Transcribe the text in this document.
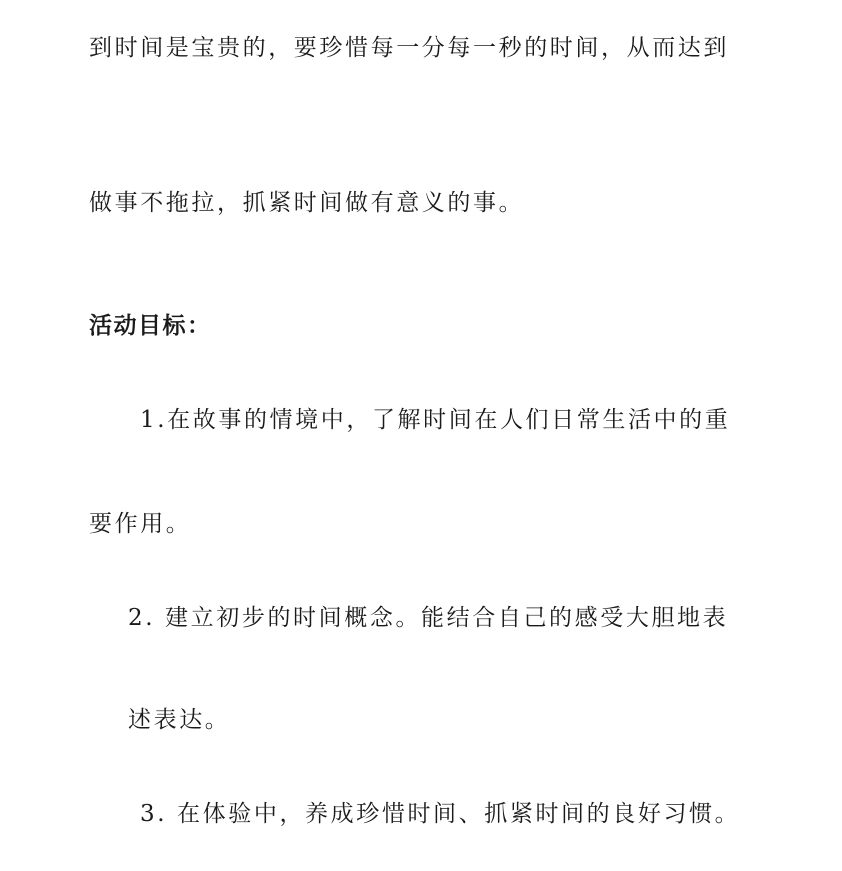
到时间是宝贵的，要珍惜每一分每一秒的时间，从而达到
做事不拖拉，抓紧时间做有意义的事。
活动目标：
1.在故事的情境中，了解时间在人们日常生活中的重
要作用。
2. 建立初步的时间概念。能结合自己的感受大胆地表
述表达。
3. 在体验中，养成珍惜时间、抓紧时间的良好习惯。
